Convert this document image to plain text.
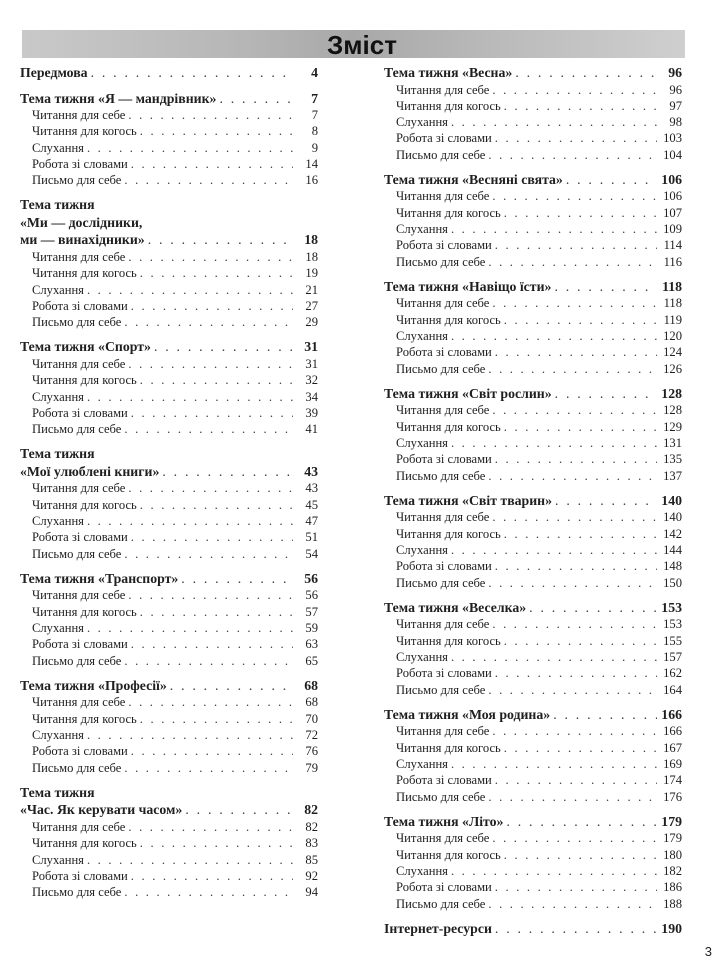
Зміст
Передмова . . .	4
Тема тижня «Я — мандрівник» . . .	7
Читання для себе . . .	7
Читання для когось . . .	8
Слухання . . .	9
Робота зі словами . . .	14
Письмо для себе . . .	16
Тема тижня
«Ми — дослідники,
ми — винахідники» . . .	18
Читання для себе . . .	18
Читання для когось . . .	19
Слухання . . .	21
Робота зі словами . . .	27
Письмо для себе . . .	29
Тема тижня «Спорт» . . .	31
Читання для себе . . .	31
Читання для когось . . .	32
Слухання . . .	34
Робота зі словами . . .	39
Письмо для себе . . .	41
Тема тижня
«Мої улюблені книги» . . .	43
Читання для себе . . .	43
Читання для когось . . .	45
Слухання . . .	47
Робота зі словами . . .	51
Письмо для себе . . .	54
Тема тижня «Транспорт» . . .	56
Читання для себе . . .	56
Читання для когось . . .	57
Слухання . . .	59
Робота зі словами . . .	63
Письмо для себе . . .	65
Тема тижня «Професії» . . .	68
Читання для себе . . .	68
Читання для когось . . .	70
Слухання . . .	72
Робота зі словами . . .	76
Письмо для себе . . .	79
Тема тижня
«Час. Як керувати часом» . . .	82
Читання для себе . . .	82
Читання для когось . . .	83
Слухання . . .	85
Робота зі словами . . .	92
Письмо для себе . . .	94
Тема тижня «Весна» . . .	96
Читання для себе . . .	96
Читання для когось . . .	97
Слухання . . .	98
Робота зі словами . . .	103
Письмо для себе . . .	104
Тема тижня «Весняні свята» . . .	106
Читання для себе . . .	106
Читання для когось . . .	107
Слухання . . .	109
Робота зі словами . . .	114
Письмо для себе . . .	116
Тема тижня «Навіщо їсти» . . .	118
Читання для себе . . .	118
Читання для когось . . .	119
Слухання . . .	120
Робота зі словами . . .	124
Письмо для себе . . .	126
Тема тижня «Світ рослин» . . .	128
Читання для себе . . .	128
Читання для когось . . .	129
Слухання . . .	131
Робота зі словами . . .	135
Письмо для себе . . .	137
Тема тижня «Світ тварин» . . .	140
Читання для себе . . .	140
Читання для когось . . .	142
Слухання . . .	144
Робота зі словами . . .	148
Письмо для себе . . .	150
Тема тижня «Веселка» . . .	153
Читання для себе . . .	153
Читання для когось . . .	155
Слухання . . .	157
Робота зі словами . . .	162
Письмо для себе . . .	164
Тема тижня «Моя родина» . . .	166
Читання для себе . . .	166
Читання для когось . . .	167
Слухання . . .	169
Робота зі словами . . .	174
Письмо для себе . . .	176
Тема тижня «Літо» . . .	179
Читання для себе . . .	179
Читання для когось . . .	180
Слухання . . .	182
Робота зі словами . . .	186
Письмо для себе . . .	188
Інтернет-ресурси . . .	190
3
